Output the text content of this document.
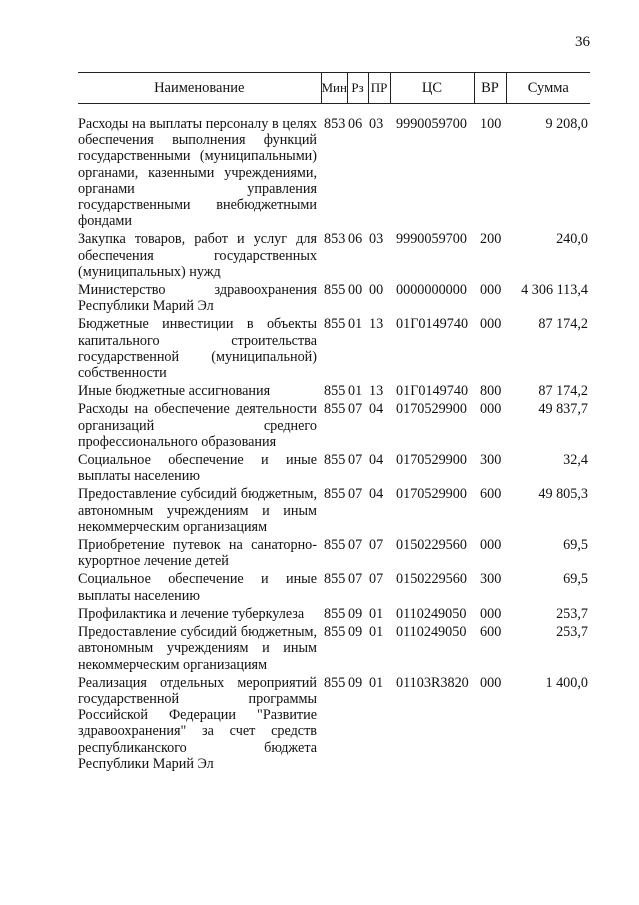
36
Наименование	Мин	Рз	ПР	ЦС	ВР	Сумма

Расходы на выплаты персоналу в целях обеспечения выполнения функций государственными (муниципальными) органами, казенными учреждениями, органами управления государственными внебюджетными фондами	853	06	03	9990059700	100	9 208,0
Закупка товаров, работ и услуг для обеспечения государственных (муниципальных) нужд	853	06	03	9990059700	200	240,0
Министерство здравоохранения Республики Марий Эл	855	00	00	0000000000	000	4 306 113,4
Бюджетные инвестиции в объекты капитального строительства государственной (муниципальной) собственности	855	01	13	01Г0149740	000	87 174,2
Иные бюджетные ассигнования	855	01	13	01Г0149740	800	87 174,2
Расходы на обеспечение деятельности организаций среднего профессионального образования	855	07	04	0170529900	000	49 837,7
Социальное обеспечение и иные выплаты населению	855	07	04	0170529900	300	32,4
Предоставление субсидий бюджетным, автономным учреждениям и иным некоммерческим организациям	855	07	04	0170529900	600	49 805,3
Приобретение путевок на санаторно-курортное лечение детей	855	07	07	0150229560	000	69,5
Социальное обеспечение и иные выплаты населению	855	07	07	0150229560	300	69,5
Профилактика и лечение туберкулеза	855	09	01	0110249050	000	253,7
Предоставление субсидий бюджетным, автономным учреждениям и иным некоммерческим организациям	855	09	01	0110249050	600	253,7
Реализация отдельных мероприятий государственной программы Российской Федерации "Развитие здравоохранения" за счет средств республиканского бюджета Республики Марий Эл	855	09	01	01103R3820	000	1 400,0
